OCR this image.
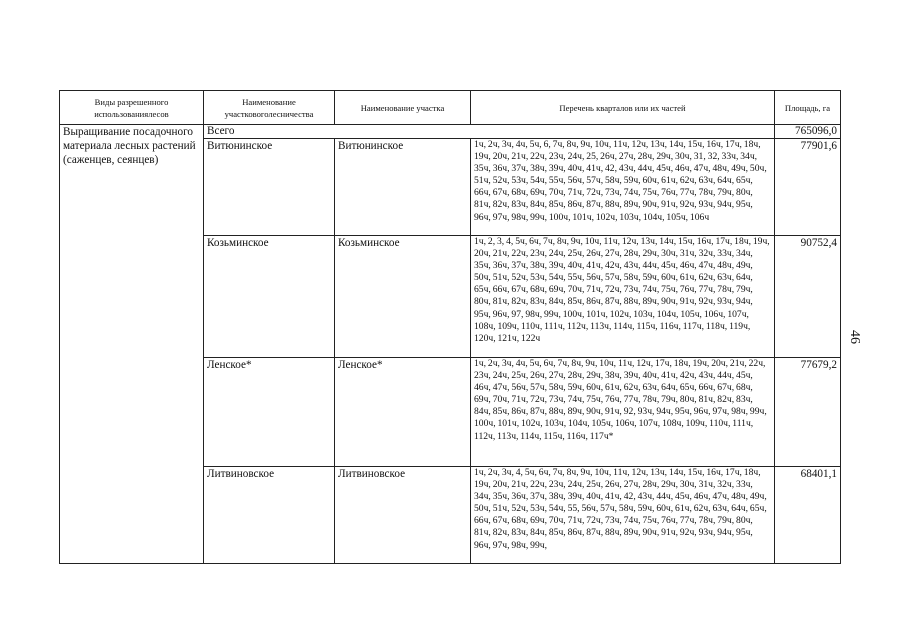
46
Виды разрешенного использованиялесов	Наименование участковоголесничества	Наименование участка	Перечень кварталов или их частей	Площадь, га
Выращивание посадочного материала лесных растений (саженцев, сеянцев)	Всего			765096,0
	Витюнинское	Витюнинское	1ч, 2ч, 3ч, 4ч, 5ч, 6, 7ч, 8ч, 9ч, 10ч, 11ч, 12ч, 13ч, 14ч, 15ч, 16ч, 17ч, 18ч, 19ч, 20ч, 21ч, 22ч, 23ч, 24ч, 25, 26ч, 27ч, 28ч, 29ч, 30ч, 31, 32, 33ч, 34ч, 35ч, 36ч, 37ч, 38ч, 39ч, 40ч, 41ч, 42, 43ч, 44ч, 45ч, 46ч, 47ч, 48ч, 49ч, 50ч, 51ч, 52ч, 53ч, 54ч, 55ч, 56ч, 57ч, 58ч, 59ч, 60ч, 61ч, 62ч, 63ч, 64ч, 65ч, 66ч, 67ч, 68ч, 69ч, 70ч, 71ч, 72ч, 73ч, 74ч, 75ч, 76ч, 77ч, 78ч, 79ч, 80ч, 81ч, 82ч, 83ч, 84ч, 85ч, 86ч, 87ч, 88ч, 89ч, 90ч, 91ч, 92ч, 93ч, 94ч, 95ч, 96ч, 97ч, 98ч, 99ч, 100ч, 101ч, 102ч, 103ч, 104ч, 105ч, 106ч	77901,6
	Козьминское	Козьминское	1ч, 2, 3, 4, 5ч, 6ч, 7ч, 8ч, 9ч, 10ч, 11ч, 12ч, 13ч, 14ч, 15ч, 16ч, 17ч, 18ч, 19ч, 20ч, 21ч, 22ч, 23ч, 24ч, 25ч, 26ч, 27ч, 28ч, 29ч, 30ч, 31ч, 32ч, 33ч, 34ч, 35ч, 36ч, 37ч, 38ч, 39ч, 40ч, 41ч, 42ч, 43ч, 44ч, 45ч, 46ч, 47ч, 48ч, 49ч, 50ч, 51ч, 52ч, 53ч, 54ч, 55ч, 56ч, 57ч, 58ч, 59ч, 60ч, 61ч, 62ч, 63ч, 64ч, 65ч, 66ч, 67ч, 68ч, 69ч, 70ч, 71ч, 72ч, 73ч, 74ч, 75ч, 76ч, 77ч, 78ч, 79ч, 80ч, 81ч, 82ч, 83ч, 84ч, 85ч, 86ч, 87ч, 88ч, 89ч, 90ч, 91ч, 92ч, 93ч, 94ч, 95ч, 96ч, 97, 98ч, 99ч, 100ч, 101ч, 102ч, 103ч, 104ч, 105ч, 106ч, 107ч, 108ч, 109ч, 110ч, 111ч, 112ч, 113ч, 114ч, 115ч, 116ч, 117ч, 118ч, 119ч, 120ч, 121ч, 122ч	90752,4
	Ленское*	Ленское*	1ч, 2ч, 3ч, 4ч, 5ч, 6ч, 7ч, 8ч, 9ч, 10ч, 11ч, 12ч, 17ч, 18ч, 19ч, 20ч, 21ч, 22ч, 23ч, 24ч, 25ч, 26ч, 27ч, 28ч, 29ч, 38ч, 39ч, 40ч, 41ч, 42ч, 43ч, 44ч, 45ч, 46ч, 47ч, 56ч, 57ч, 58ч, 59ч, 60ч, 61ч, 62ч, 63ч, 64ч, 65ч, 66ч, 67ч, 68ч, 69ч, 70ч, 71ч, 72ч, 73ч, 74ч, 75ч, 76ч, 77ч, 78ч, 79ч, 80ч, 81ч, 82ч, 83ч, 84ч, 85ч, 86ч, 87ч, 88ч, 89ч, 90ч, 91ч, 92, 93ч, 94ч, 95ч, 96ч, 97ч, 98ч, 99ч, 100ч, 101ч, 102ч, 103ч, 104ч, 105ч, 106ч, 107ч, 108ч, 109ч, 110ч, 111ч, 112ч, 113ч, 114ч, 115ч, 116ч, 117ч*	77679,2
	Литвиновское	Литвиновское	1ч, 2ч, 3ч, 4, 5ч, 6ч, 7ч, 8ч, 9ч, 10ч, 11ч, 12ч, 13ч, 14ч, 15ч, 16ч, 17ч, 18ч, 19ч, 20ч, 21ч, 22ч, 23ч, 24ч, 25ч, 26ч, 27ч, 28ч, 29ч, 30ч, 31ч, 32ч, 33ч, 34ч, 35ч, 36ч, 37ч, 38ч, 39ч, 40ч, 41ч, 42, 43ч, 44ч, 45ч, 46ч, 47ч, 48ч, 49ч, 50ч, 51ч, 52ч, 53ч, 54ч, 55, 56ч, 57ч, 58ч, 59ч, 60ч, 61ч, 62ч, 63ч, 64ч, 65ч, 66ч, 67ч, 68ч, 69ч, 70ч, 71ч, 72ч, 73ч, 74ч, 75ч, 76ч, 77ч, 78ч, 79ч, 80ч, 81ч, 82ч, 83ч, 84ч, 85ч, 86ч, 87ч, 88ч, 89ч, 90ч, 91ч, 92ч, 93ч, 94ч, 95ч, 96ч, 97ч, 98ч, 99ч,	68401,1
